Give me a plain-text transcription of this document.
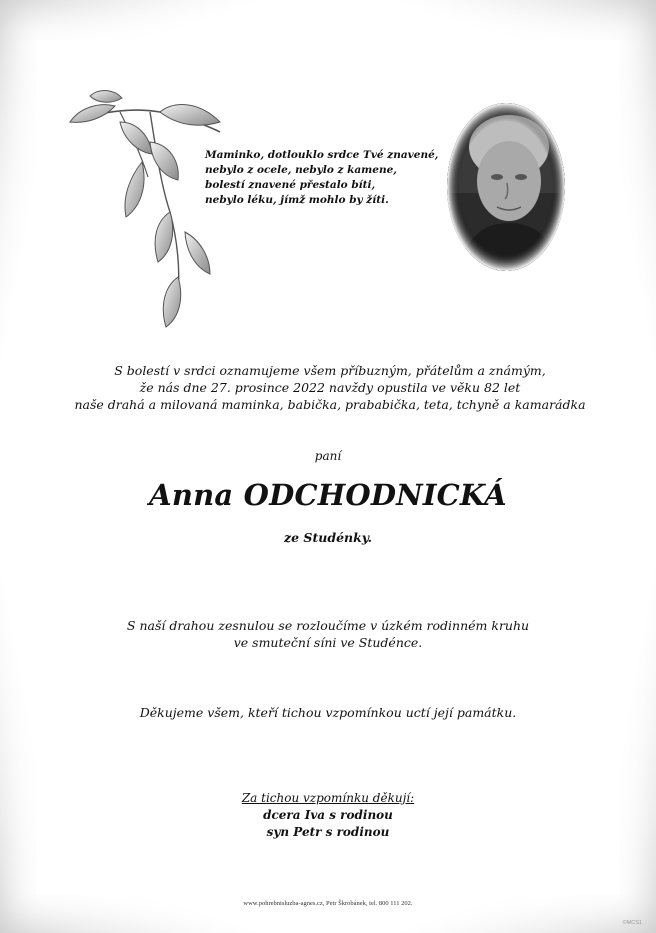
Maminko, dotlouklo srdce Tvé znavené,
nebylo z ocele, nebylo z kamene,
bolestí znavené přestalo bíti,
nebylo léku, jímž mohlo by žíti.
S bolestí v srdci oznamujeme všem příbuzným, přátelům a známým,
že nás dne 27. prosince 2022 navždy opustila ve věku 82 let
naše drahá a milovaná maminka, babička, prababička, teta, tchyně a kamarádka
paní
Anna ODCHODNICKÁ
ze Studénky.
S naší drahou zesnulou se rozloučíme v úzkém rodinném kruhu
ve smuteční síni ve Studénce.
Děkujeme všem, kteří tichou vzpomínkou uctí její památku.
Za tichou vzpomínku děkují:
dcera Iva s rodinou
syn Petr s rodinou
www.pohrebnisluzba-agnes.cz, Petr Škrobánek, tel. 800 111 202.
©MCS1
